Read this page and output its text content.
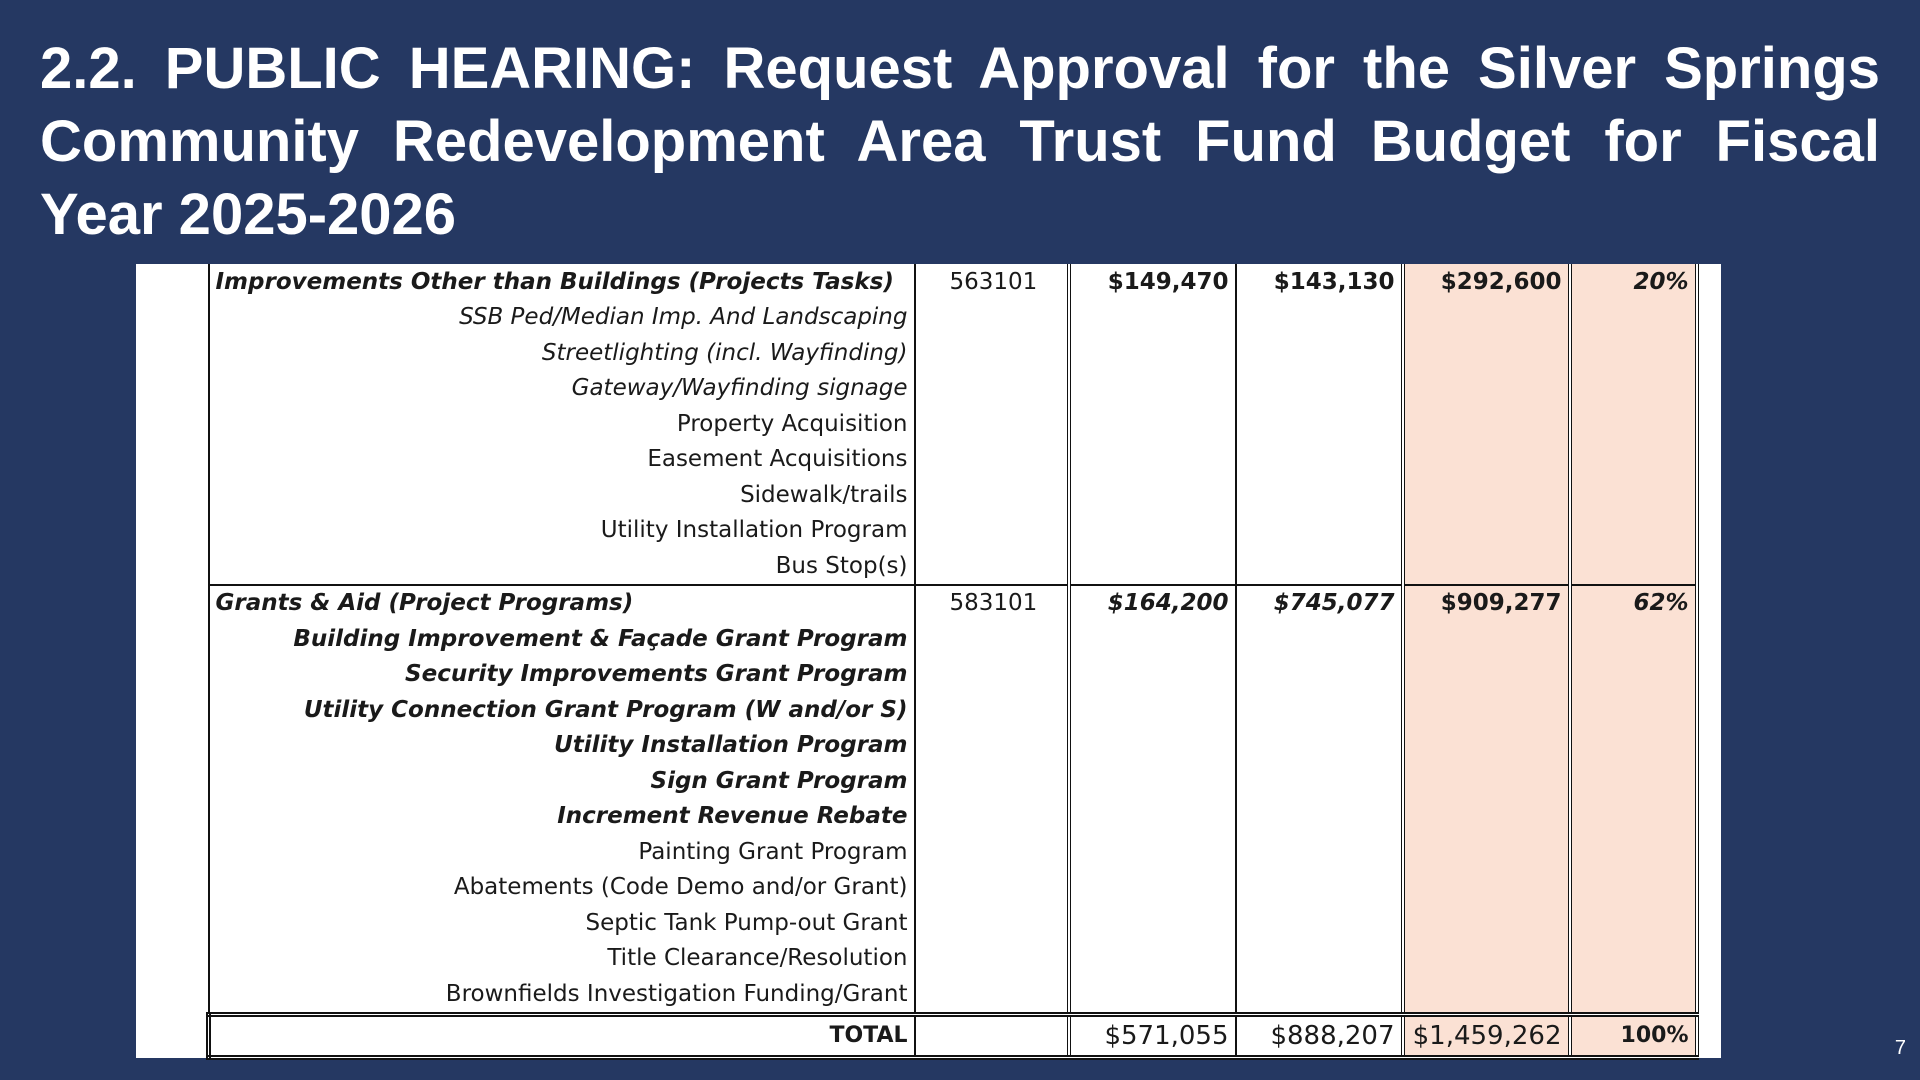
2.2. PUBLIC HEARING: Request Approval for the Silver Springs Community Redevelopment Area Trust Fund Budget for Fiscal Year 2025-2026
Improvements Other than Buildings (Projects Tasks)	563101	$149,470	$143,130	$292,600	20%
SSB Ped/Median Imp. And Landscaping					
Streetlighting (incl. Wayfinding)					
Gateway/Wayfinding signage					
Property Acquisition					
Easement Acquisitions					
Sidewalk/trails					
Utility Installation Program					
Bus Stop(s)					
Grants & Aid (Project Programs)	583101	$164,200	$745,077	$909,277	62%
Building Improvement & Façade Grant Program					
Security Improvements Grant Program					
Utility Connection Grant Program (W and/or S)					
Utility Installation Program					
Sign Grant Program					
Increment Revenue Rebate					
Painting Grant Program					
Abatements (Code Demo and/or Grant)					
Septic Tank Pump-out Grant					
Title Clearance/Resolution					
Brownfields Investigation Funding/Grant					
TOTAL		$571,055	$888,207	$1,459,262	100%	7
